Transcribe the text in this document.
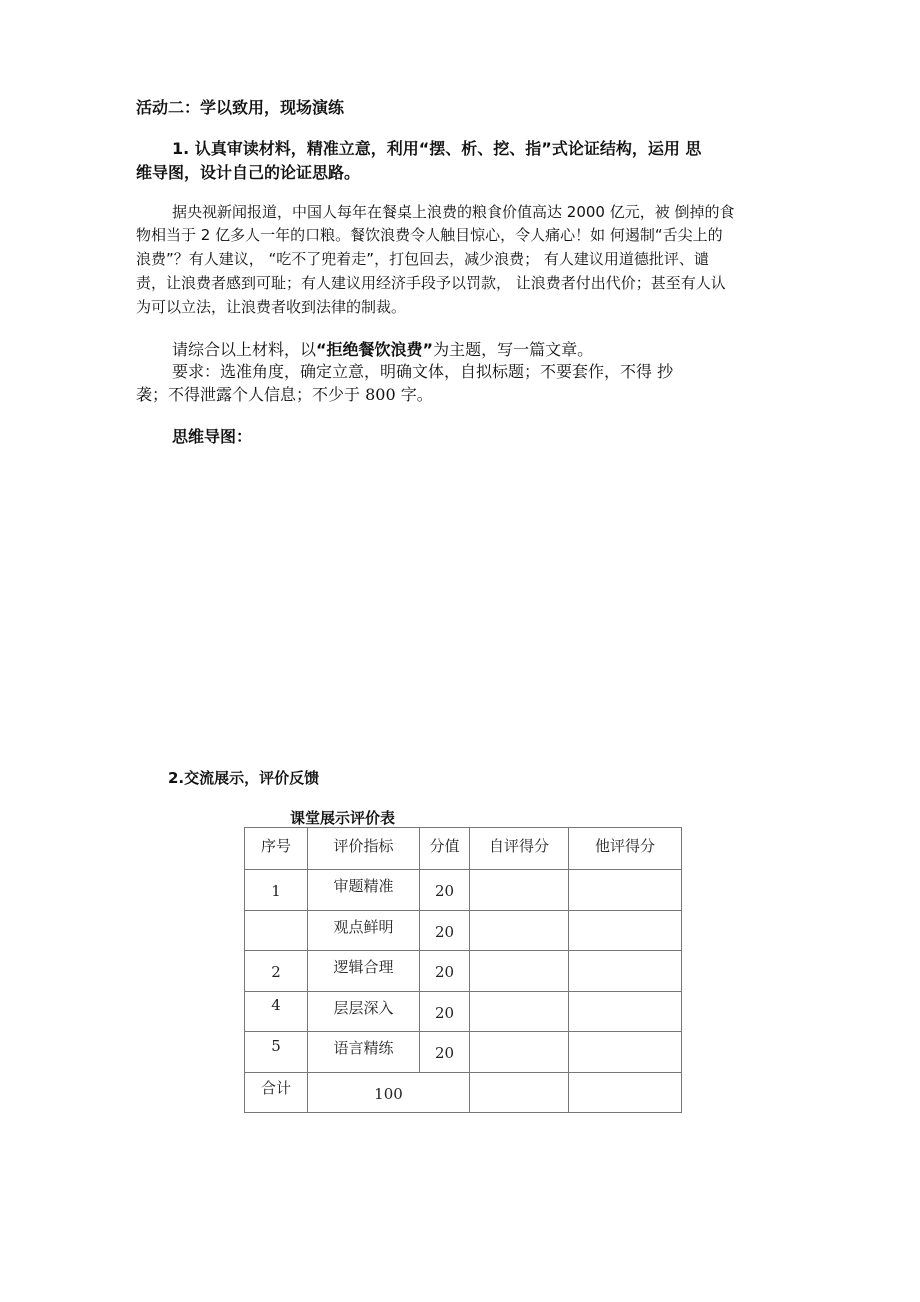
活动二：学以致用，现场演练
1. 认真审读材料，精准立意，利用“摆、析、挖、指”式论证结构，运用 思
维导图，设计自己的论证思路。
据央视新闻报道，中国人每年在餐桌上浪费的粮食价值高达 2000 亿元，被 倒掉的食
物相当于 2 亿多人一年的口粮。餐饮浪费令人触目惊心，令人痛心！如 何遏制“舌尖上的
浪费”？有人建议， “吃不了兜着走”，打包回去，减少浪费； 有人建议用道德批评、谴
责，让浪费者感到可耻；有人建议用经济手段予以罚款， 让浪费者付出代价；甚至有人认
为可以立法，让浪费者收到法律的制裁。
请综合以上材料，以“拒绝餐饮浪费”为主题，写一篇文章。
要求：选准角度，确定立意，明确文体，自拟标题；不要套作，不得 抄
袭；不得泄露个人信息；不少于 800 字。
思维导图：
2.交流展示，评价反馈
课堂展示评价表
序号	评价指标	分值	自评得分	他评得分
1	审题精准	20		
	观点鲜明	20		
2	逻辑合理	20		
4	层层深入	20		
5	语言精练	20		
合计	100			
